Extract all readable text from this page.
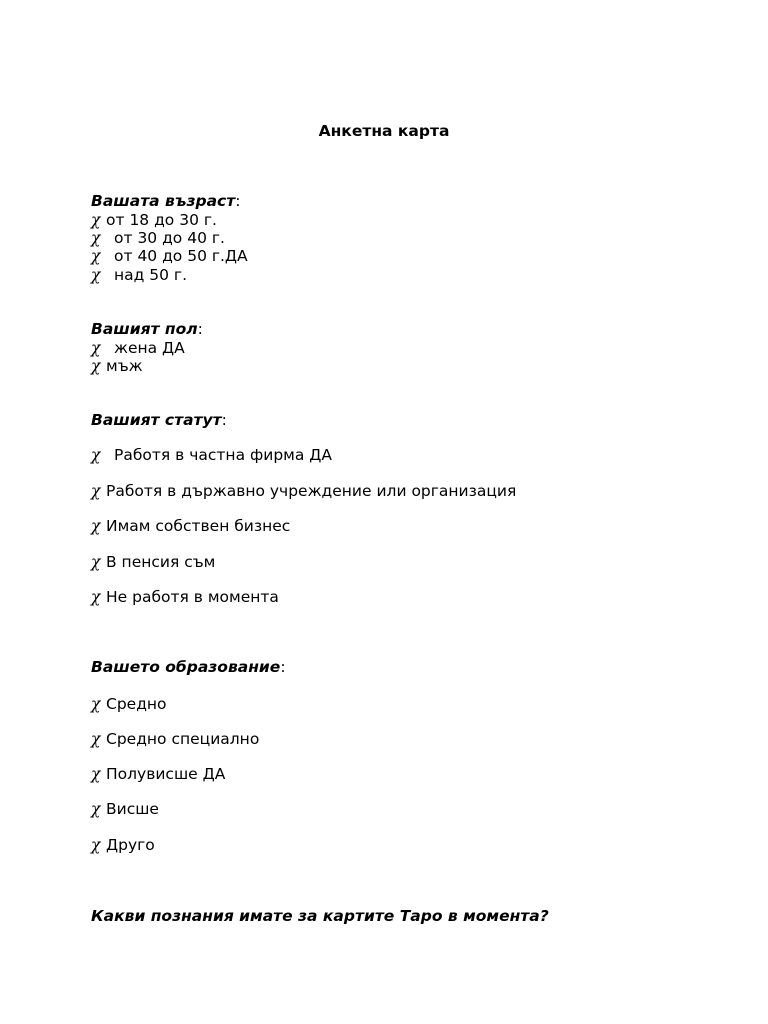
Анкетна карта
Вашата възраст:
χ от 18 до 30 г.
χ от 30 до 40 г.
χ от 40 до 50 г.ДА
χ над 50 г.
Вашият пол:
χ жена ДА
χ мъж
Вашият статут:
χ Работя в частна фирма ДА
χ Работя в държавно учреждение или организация
χ Имам собствен бизнес
χ В пенсия съм
χ Не работя в момента
Вашето образование:
χ Средно
χ Средно специално
χ Полувисше ДА
χ Висше
χ Друго
Какви познания имате за картите Таро в момента?
